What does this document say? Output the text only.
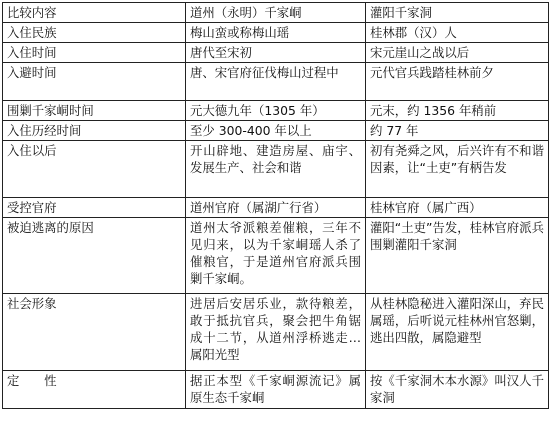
比较内容	道州（永明）千家峒	灌阳千家洞
入住民族	梅山蛮或称梅山瑶	桂林郡（汉）人
入住时间	唐代至宋初	宋元崖山之战以后
入避时间	唐、宋官府征伐梅山过程中	元代官兵践踏桂林前夕
围剿千家峒时间	元大德九年（1305 年）	元末，约 1356 年稍前
入住历经时间	至少 300-400 年以上	约 77 年
入住以后	开山辟地、建造房屋、庙宇、发展生产、社会和谐	初有尧舜之风，后兴许有不和谐因素，让“土吏”有柄告发
受控官府	道州官府（属湖广行省）	桂林官府（属广西）
被迫逃离的原因	道州太爷派粮差催粮，三年不见归来，以为千家峒瑶人杀了催粮官，于是道州官府派兵围剿千家峒。	灌阳“土吏”告发，桂林官府派兵围剿灌阳千家洞
社会形象	进居后安居乐业，款待粮差，敢于抵抗官兵，聚会把牛角锯成十二节，从道州浮桥逃走…属阳光型	从桂林隐秘进入灌阳深山，弃民属瑶，后听说元桂林州官怒剿，逃出四散，属隐避型
定　　性	据正本型《千家峒源流记》属原生态千家峒	按《千家洞木本水源》叫汉人千家洞
